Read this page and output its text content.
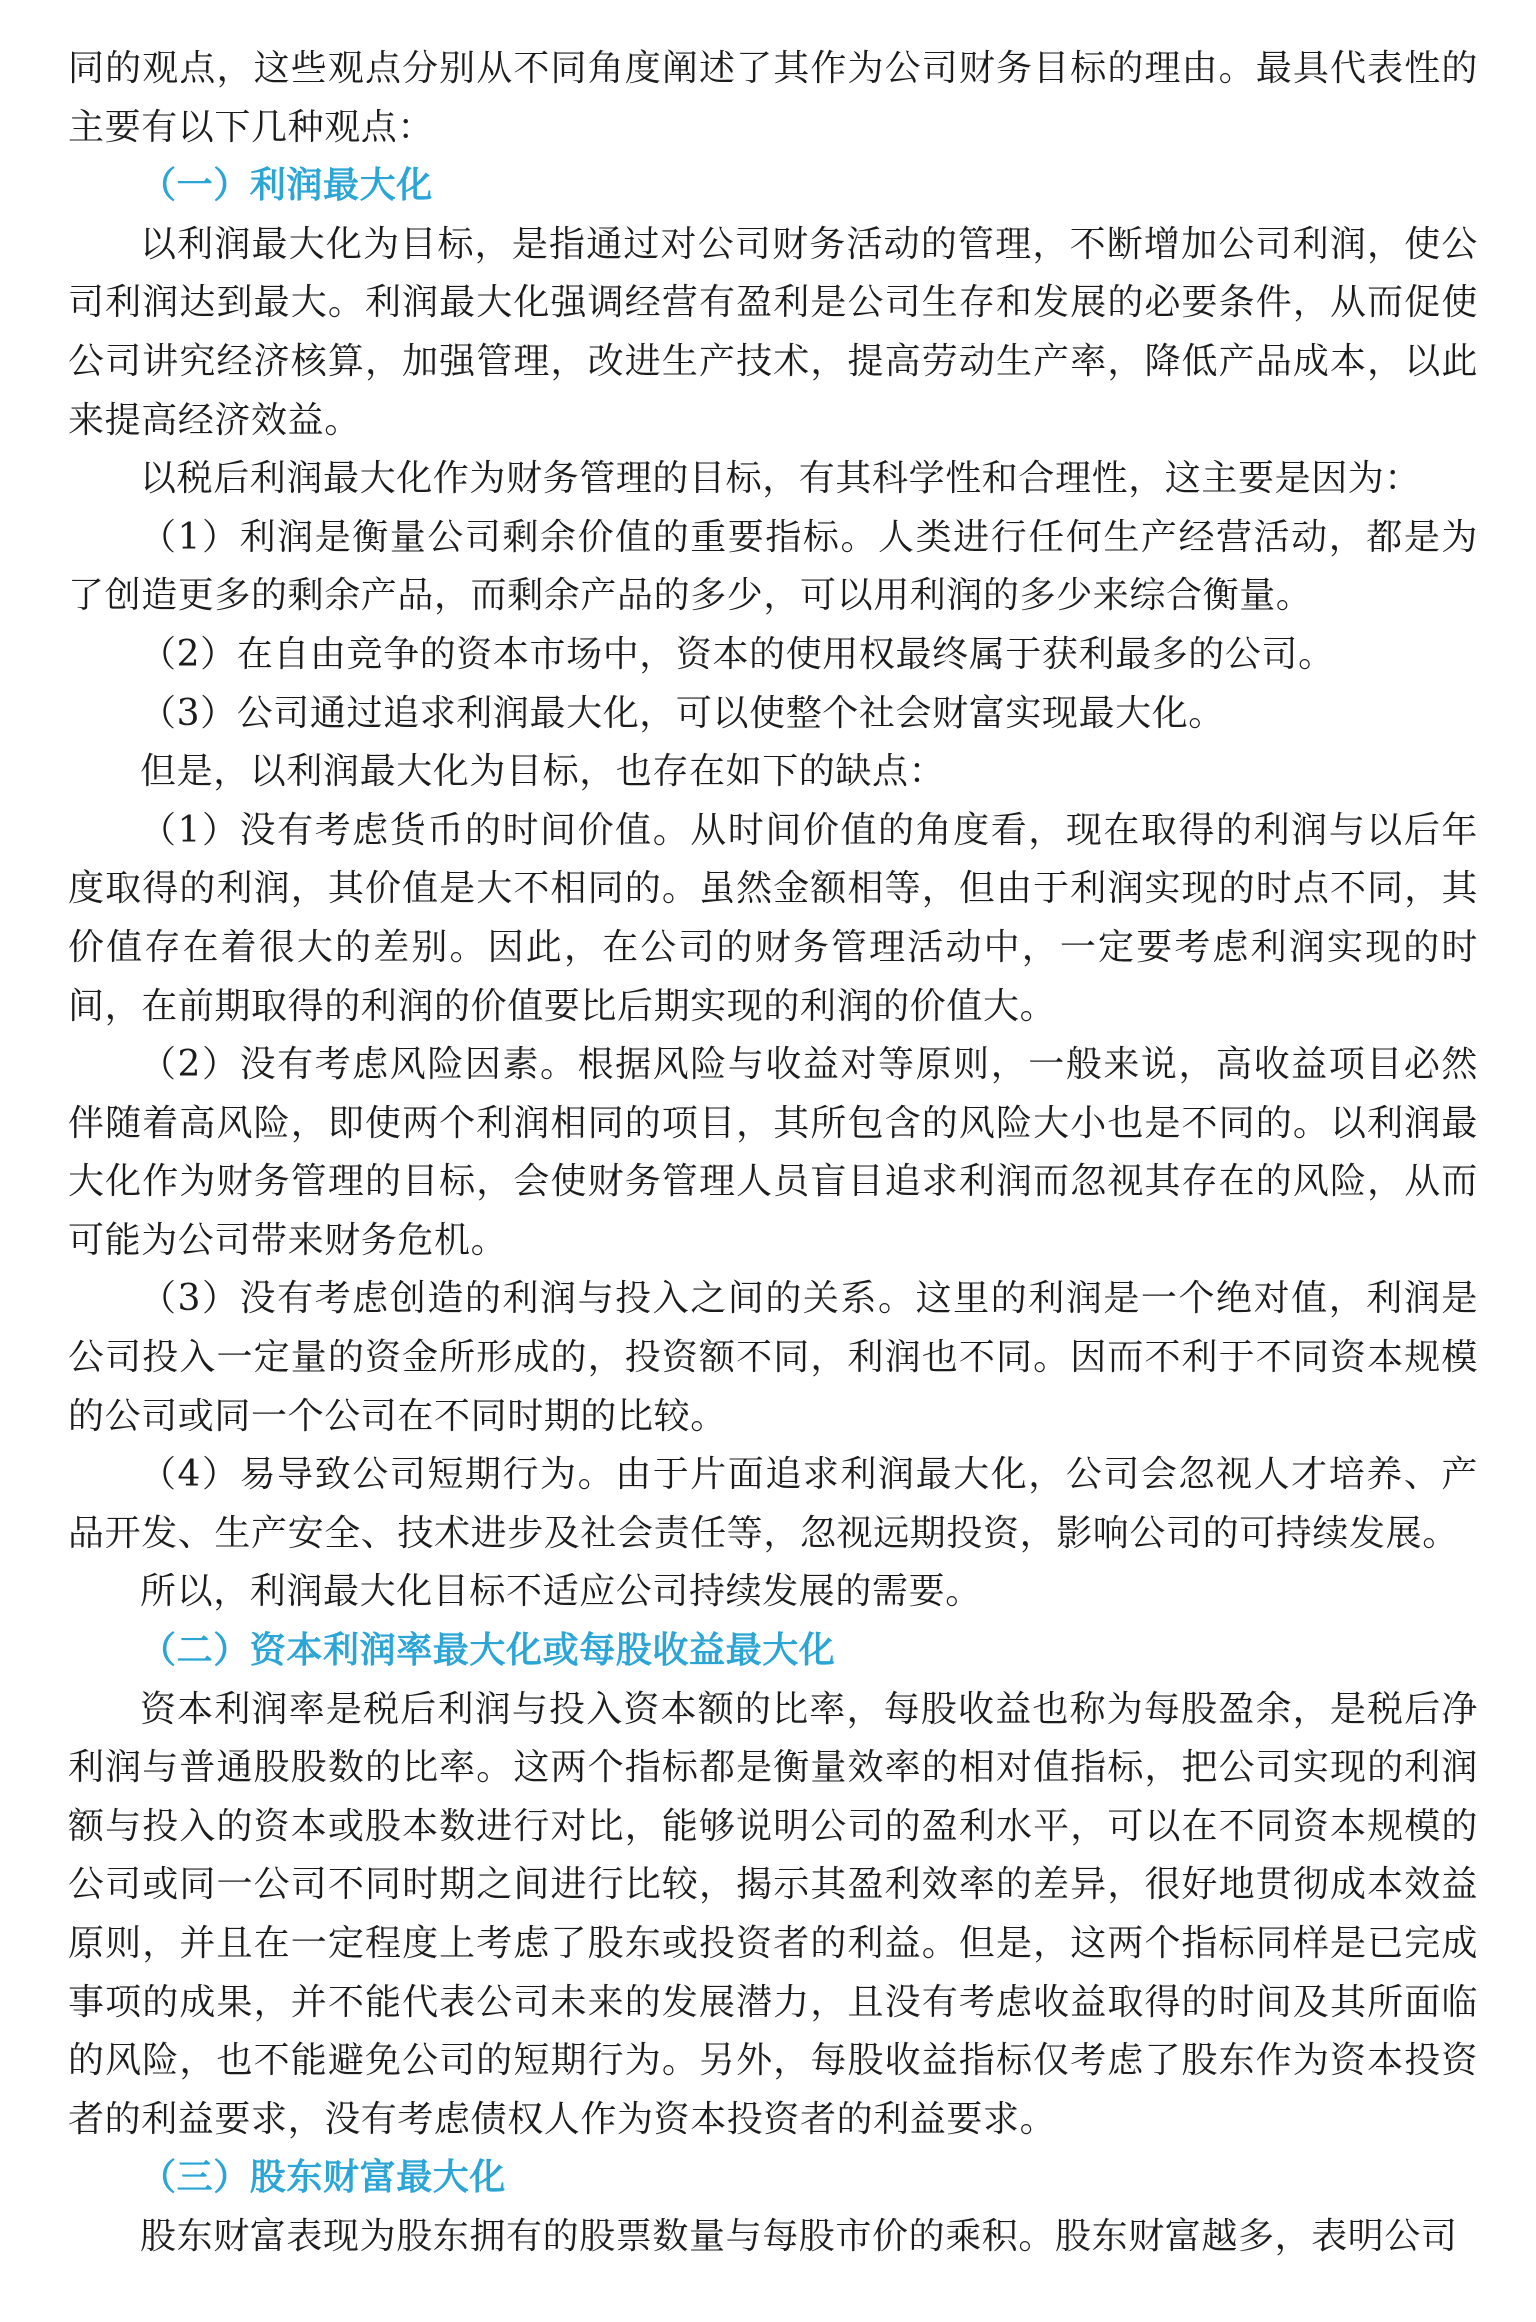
同的观点，这些观点分别从不同角度阐述了其作为公司财务目标的理由。最具代表性的主要有以下几种观点：

（一）利润最大化

以利润最大化为目标，是指通过对公司财务活动的管理，不断增加公司利润，使公司利润达到最大。利润最大化强调经营有盈利是公司生存和发展的必要条件，从而促使公司讲究经济核算，加强管理，改进生产技术，提高劳动生产率，降低产品成本，以此来提高经济效益。

以税后利润最大化作为财务管理的目标，有其科学性和合理性，这主要是因为：

（1）利润是衡量公司剩余价值的重要指标。人类进行任何生产经营活动，都是为了创造更多的剩余产品，而剩余产品的多少，可以用利润的多少来综合衡量。

（2）在自由竞争的资本市场中，资本的使用权最终属于获利最多的公司。

（3）公司通过追求利润最大化，可以使整个社会财富实现最大化。

但是，以利润最大化为目标，也存在如下的缺点：

（1）没有考虑货币的时间价值。从时间价值的角度看，现在取得的利润与以后年度取得的利润，其价值是大不相同的。虽然金额相等，但由于利润实现的时点不同，其价值存在着很大的差别。因此，在公司的财务管理活动中，一定要考虑利润实现的时间，在前期取得的利润的价值要比后期实现的利润的价值大。

（2）没有考虑风险因素。根据风险与收益对等原则，一般来说，高收益项目必然伴随着高风险，即使两个利润相同的项目，其所包含的风险大小也是不同的。以利润最大化作为财务管理的目标，会使财务管理人员盲目追求利润而忽视其存在的风险，从而可能为公司带来财务危机。

（3）没有考虑创造的利润与投入之间的关系。这里的利润是一个绝对值，利润是公司投入一定量的资金所形成的，投资额不同，利润也不同。因而不利于不同资本规模的公司或同一个公司在不同时期的比较。

（4）易导致公司短期行为。由于片面追求利润最大化，公司会忽视人才培养、产品开发、生产安全、技术进步及社会责任等，忽视远期投资，影响公司的可持续发展。

所以，利润最大化目标不适应公司持续发展的需要。

（二）资本利润率最大化或每股收益最大化

资本利润率是税后利润与投入资本额的比率，每股收益也称为每股盈余，是税后净利润与普通股股数的比率。这两个指标都是衡量效率的相对值指标，把公司实现的利润额与投入的资本或股本数进行对比，能够说明公司的盈利水平，可以在不同资本规模的公司或同一公司不同时期之间进行比较，揭示其盈利效率的差异，很好地贯彻成本效益原则，并且在一定程度上考虑了股东或投资者的利益。但是，这两个指标同样是已完成事项的成果，并不能代表公司未来的发展潜力，且没有考虑收益取得的时间及其所面临的风险，也不能避免公司的短期行为。另外，每股收益指标仅考虑了股东作为资本投资者的利益要求，没有考虑债权人作为资本投资者的利益要求。

（三）股东财富最大化

股东财富表现为股东拥有的股票数量与每股市价的乘积。股东财富越多，表明公司
